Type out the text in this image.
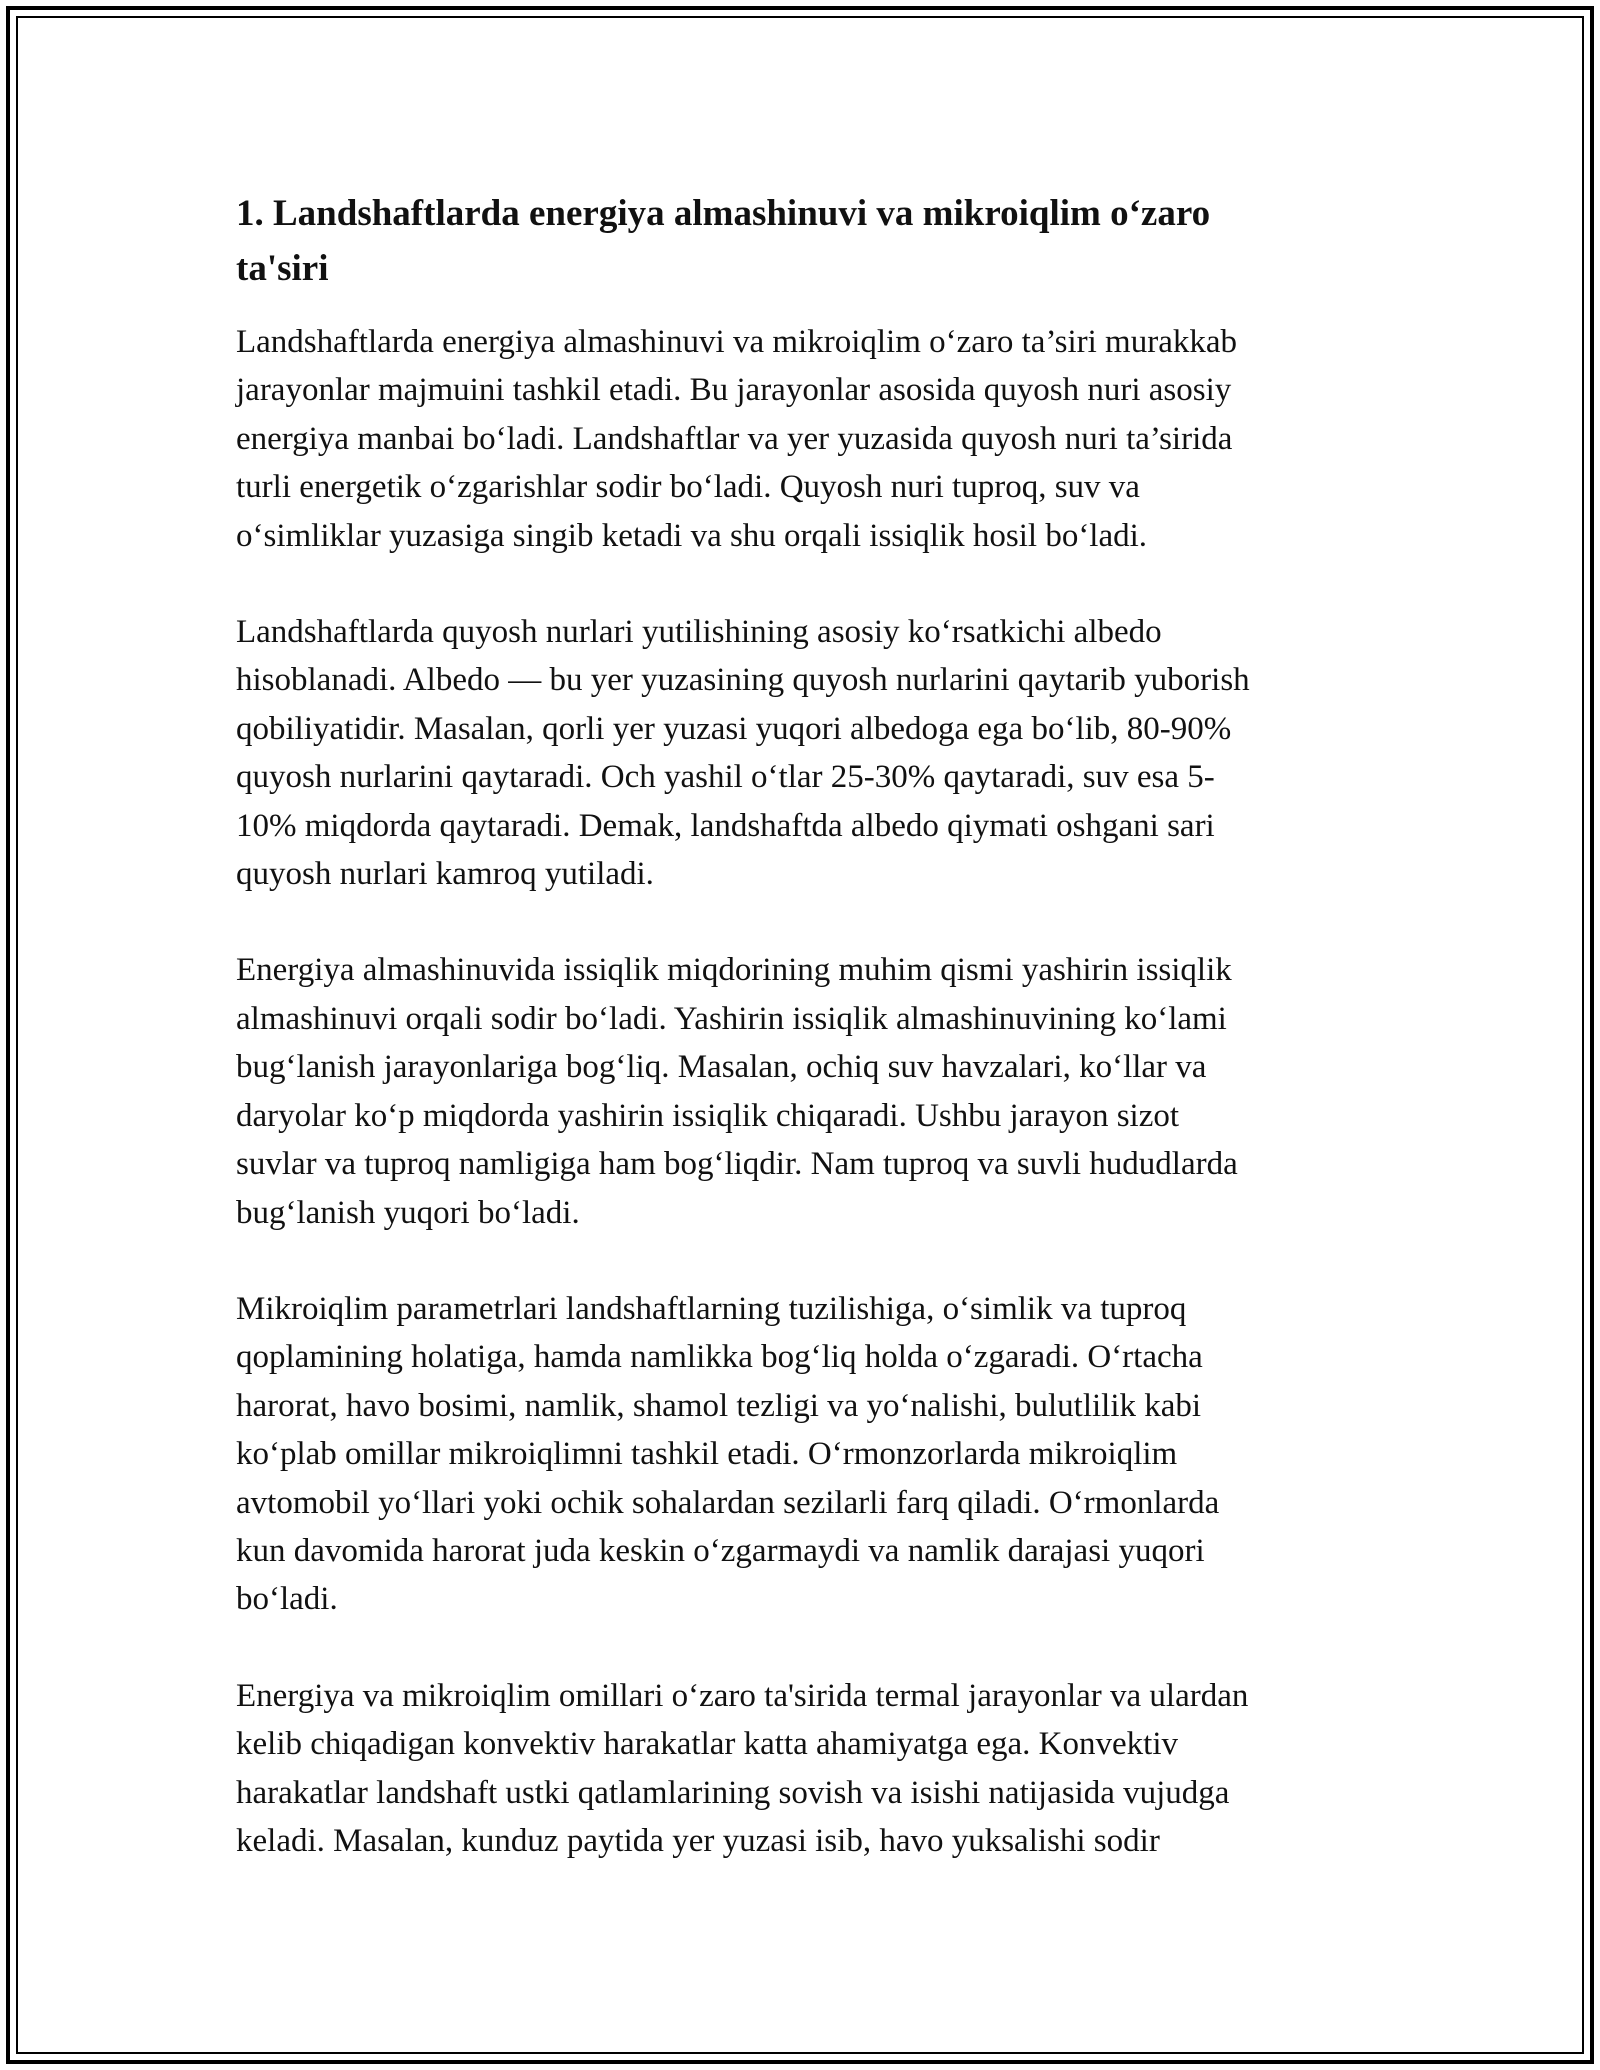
1. Landshaftlarda energiya almashinuvi va mikroiqlim o‘zaro
ta'siri

Landshaftlarda energiya almashinuvi va mikroiqlim o‘zaro ta’siri murakkab
jarayonlar majmuini tashkil etadi. Bu jarayonlar asosida quyosh nuri asosiy
energiya manbai bo‘ladi. Landshaftlar va yer yuzasida quyosh nuri ta’sirida
turli energetik o‘zgarishlar sodir bo‘ladi. Quyosh nuri tuproq, suv va
o‘simliklar yuzasiga singib ketadi va shu orqali issiqlik hosil bo‘ladi.

Landshaftlarda quyosh nurlari yutilishining asosiy ko‘rsatkichi albedo
hisoblanadi. Albedo — bu yer yuzasining quyosh nurlarini qaytarib yuborish
qobiliyatidir. Masalan, qorli yer yuzasi yuqori albedoga ega bo‘lib, 80-90%
quyosh nurlarini qaytaradi. Och yashil o‘tlar 25-30% qaytaradi, suv esa 5-
10% miqdorda qaytaradi. Demak, landshaftda albedo qiymati oshgani sari
quyosh nurlari kamroq yutiladi.

Energiya almashinuvida issiqlik miqdorining muhim qismi yashirin issiqlik
almashinuvi orqali sodir bo‘ladi. Yashirin issiqlik almashinuvining ko‘lami
bug‘lanish jarayonlariga bog‘liq. Masalan, ochiq suv havzalari, ko‘llar va
daryolar ko‘p miqdorda yashirin issiqlik chiqaradi. Ushbu jarayon sizot
suvlar va tuproq namligiga ham bog‘liqdir. Nam tuproq va suvli hududlarda
bug‘lanish yuqori bo‘ladi.

Mikroiqlim parametrlari landshaftlarning tuzilishiga, o‘simlik va tuproq
qoplamining holatiga, hamda namlikka bog‘liq holda o‘zgaradi. O‘rtacha
harorat, havo bosimi, namlik, shamol tezligi va yo‘nalishi, bulutlilik kabi
ko‘plab omillar mikroiqlimni tashkil etadi. O‘rmonzorlarda mikroiqlim
avtomobil yo‘llari yoki ochik sohalardan sezilarli farq qiladi. O‘rmonlarda
kun davomida harorat juda keskin o‘zgarmaydi va namlik darajasi yuqori
bo‘ladi.

Energiya va mikroiqlim omillari o‘zaro ta'sirida termal jarayonlar va ulardan
kelib chiqadigan konvektiv harakatlar katta ahamiyatga ega. Konvektiv
harakatlar landshaft ustki qatlamlarining sovish va isishi natijasida vujudga
keladi. Masalan, kunduz paytida yer yuzasi isib, havo yuksalishi sodir
